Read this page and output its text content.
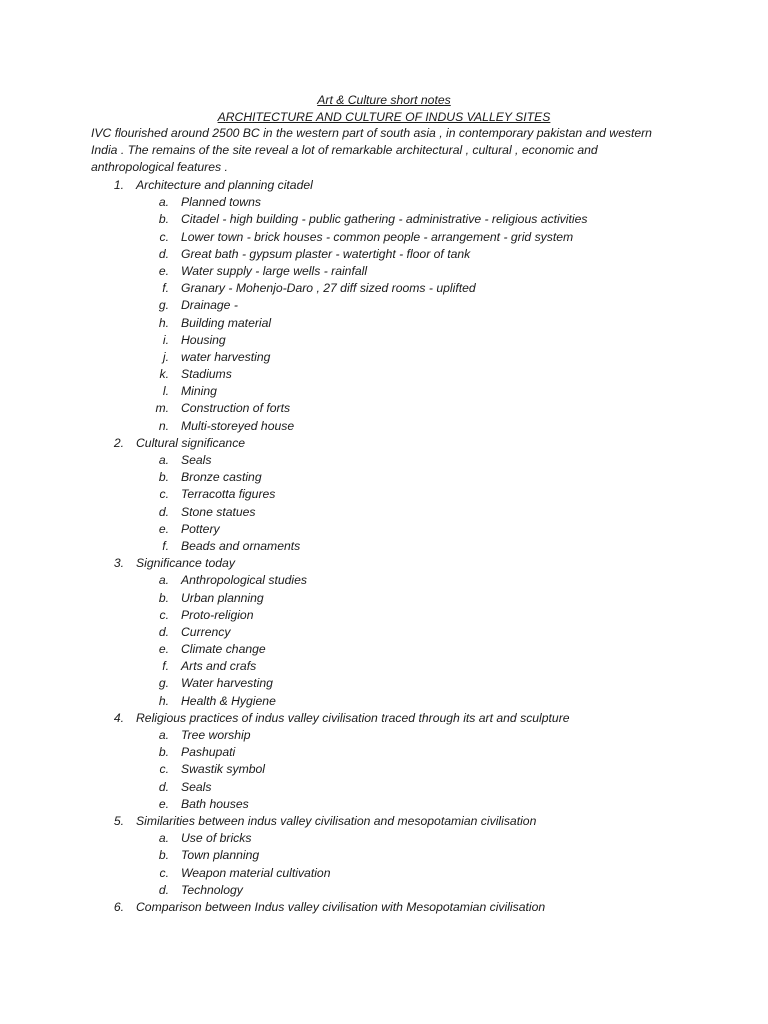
Art & Culture short notes
ARCHITECTURE AND CULTURE OF INDUS VALLEY SITES
IVC flourished around 2500 BC in the western part of south asia , in contemporary pakistan and western
India . The remains of the site reveal a lot of remarkable architectural , cultural , economic and
anthropological features .
1. Architecture and planning citadel
a. Planned towns
b. Citadel - high building - public gathering - administrative - religious activities
c. Lower town - brick houses - common people - arrangement - grid system
d. Great bath - gypsum plaster - watertight - floor of tank
e. Water supply - large wells - rainfall
f. Granary - Mohenjo-Daro , 27 diff sized rooms - uplifted
g. Drainage -
h. Building material
i. Housing
j. water harvesting
k. Stadiums
l. Mining
m. Construction of forts
n. Multi-storeyed house
2. Cultural significance
a. Seals
b. Bronze casting
c. Terracotta figures
d. Stone statues
e. Pottery
f. Beads and ornaments
3. Significance today
a. Anthropological studies
b. Urban planning
c. Proto-religion
d. Currency
e. Climate change
f. Arts and crafs
g. Water harvesting
h. Health & Hygiene
4. Religious practices of indus valley civilisation traced through its art and sculpture
a. Tree worship
b. Pashupati
c. Swastik symbol
d. Seals
e. Bath houses
5. Similarities between indus valley civilisation and mesopotamian civilisation
a. Use of bricks
b. Town planning
c. Weapon material cultivation
d. Technology
6. Comparison between Indus valley civilisation with Mesopotamian civilisation
